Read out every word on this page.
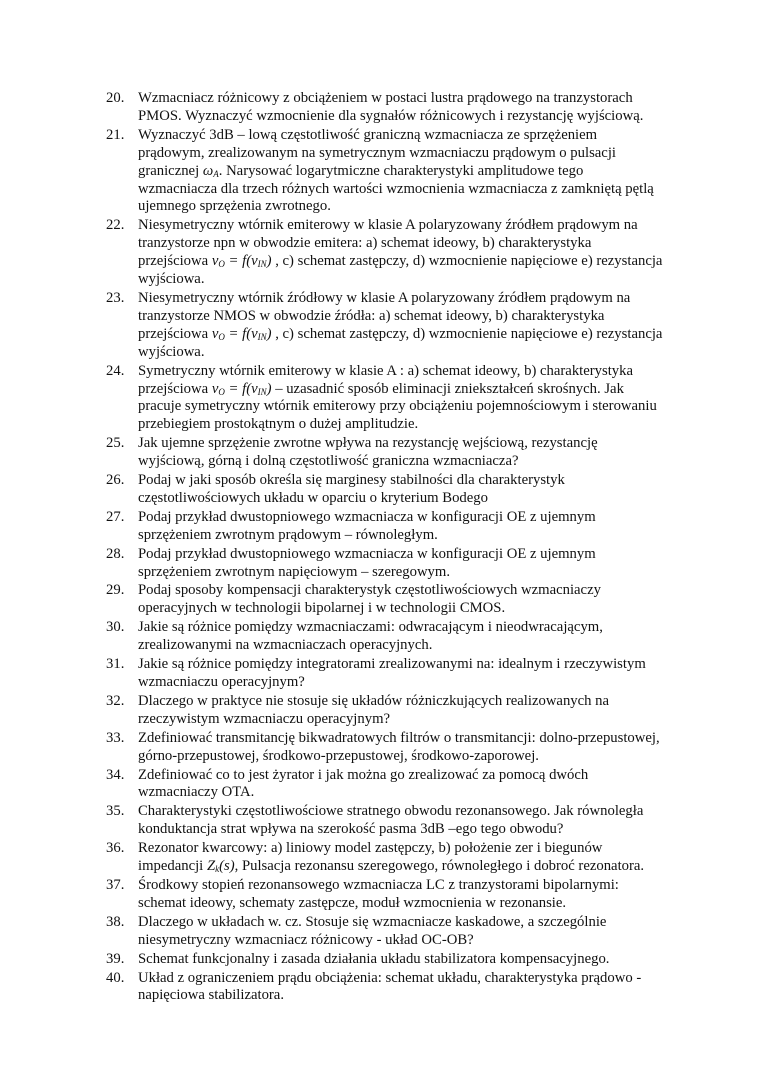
20. Wzmacniacz różnicowy z obciążeniem w postaci lustra prądowego na tranzystorach PMOS. Wyznaczyć wzmocnienie dla sygnałów różnicowych i rezystancję wyjściową.
21. Wyznaczyć 3dB – lową częstotliwość graniczną wzmacniacza ze sprzężeniem prądowym, zrealizowanym na symetrycznym wzmacniaczu prądowym o pulsacji granicznej $\omega_A$. Narysować logarytmiczne charakterystyki amplitudowe tego wzmacniacza dla trzech różnych wartości wzmocnienia wzmacniacza z zamkniętą pętlą ujemnego sprzężenia zwrotnego.
22. Niesymetryczny wtórnik emiterowy w klasie A polaryzowany źródłem prądowym na tranzystorze npn w obwodzie emitera: a) schemat ideowy, b) charakterystyka przejściowa $v_O = f(v_{IN})$ , c) schemat zastępczy, d) wzmocnienie napięciowe e) rezystancja wyjściowa.
23. Niesymetryczny wtórnik źródłowy w klasie A polaryzowany źródłem prądowym na tranzystorze NMOS w obwodzie źródła: a) schemat ideowy, b) charakterystyka przejściowa $v_O = f(v_{IN})$ , c) schemat zastępczy, d) wzmocnienie napięciowe e) rezystancja wyjściowa.
24. Symetryczny wtórnik emiterowy w klasie A : a) schemat ideowy, b) charakterystyka przejściowa $v_O = f(v_{IN})$ – uzasadnić sposób eliminacji zniekształceń skrośnych. Jak pracuje symetryczny wtórnik emiterowy przy obciążeniu pojemnościowym i sterowaniu przebiegiem prostokątnym o dużej amplitudzie.
25. Jak ujemne sprzężenie zwrotne wpływa na rezystancję wejściową, rezystancję wyjściową, górną i dolną częstotliwość graniczna wzmacniacza?
26. Podaj w jaki sposób określa się marginesy stabilności dla charakterystyk częstotliwościowych układu w oparciu o kryterium Bodego
27. Podaj przykład dwustopniowego wzmacniacza w konfiguracji OE z ujemnym sprzężeniem zwrotnym prądowym – równoległym.
28. Podaj przykład dwustopniowego wzmacniacza w konfiguracji OE z ujemnym sprzężeniem zwrotnym napięciowym – szeregowym.
29. Podaj sposoby kompensacji charakterystyk częstotliwościowych wzmacniaczy operacyjnych w technologii bipolarnej i w technologii CMOS.
30. Jakie są różnice pomiędzy wzmacniaczami: odwracającym i nieodwracającym, zrealizowanymi na wzmacniaczach operacyjnych.
31. Jakie są różnice pomiędzy integratorami zrealizowanymi na: idealnym i rzeczywistym wzmacniaczu operacyjnym?
32. Dlaczego w praktyce nie stosuje się układów różniczkujących realizowanych na rzeczywistym wzmacniaczu operacyjnym?
33. Zdefiniować transmitancję bikwadratowych filtrów o transmitancji: dolno-przepustowej, górno-przepustowej, środkowo-przepustowej, środkowo-zaporowej.
34. Zdefiniować co to jest żyrator i jak można go zrealizować za pomocą dwóch wzmacniaczy OTA.
35. Charakterystyki częstotliwościowe stratnego obwodu rezonansowego. Jak równoległa konduktancja strat wpływa na szerokość pasma 3dB –ego tego obwodu?
36. Rezonator kwarcowy: a) liniowy model zastępczy, b) położenie zer i biegunów impedancji $Z_k(s)$, Pulsacja rezonansu szeregowego, równoległego i dobroć rezonatora.
37. Środkowy stopień rezonansowego wzmacniacza LC z tranzystorami bipolarnymi: schemat ideowy, schematy zastępcze, moduł wzmocnienia w rezonansie.
38. Dlaczego w układach w. cz. Stosuje się wzmacniacze kaskadowe, a szczególnie niesymetryczny wzmacniacz różnicowy - układ OC-OB?
39. Schemat funkcjonalny i zasada działania układu stabilizatora kompensacyjnego.
40. Układ z ograniczeniem prądu obciążenia: schemat układu, charakterystyka prądowo - napięciowa stabilizatora.
